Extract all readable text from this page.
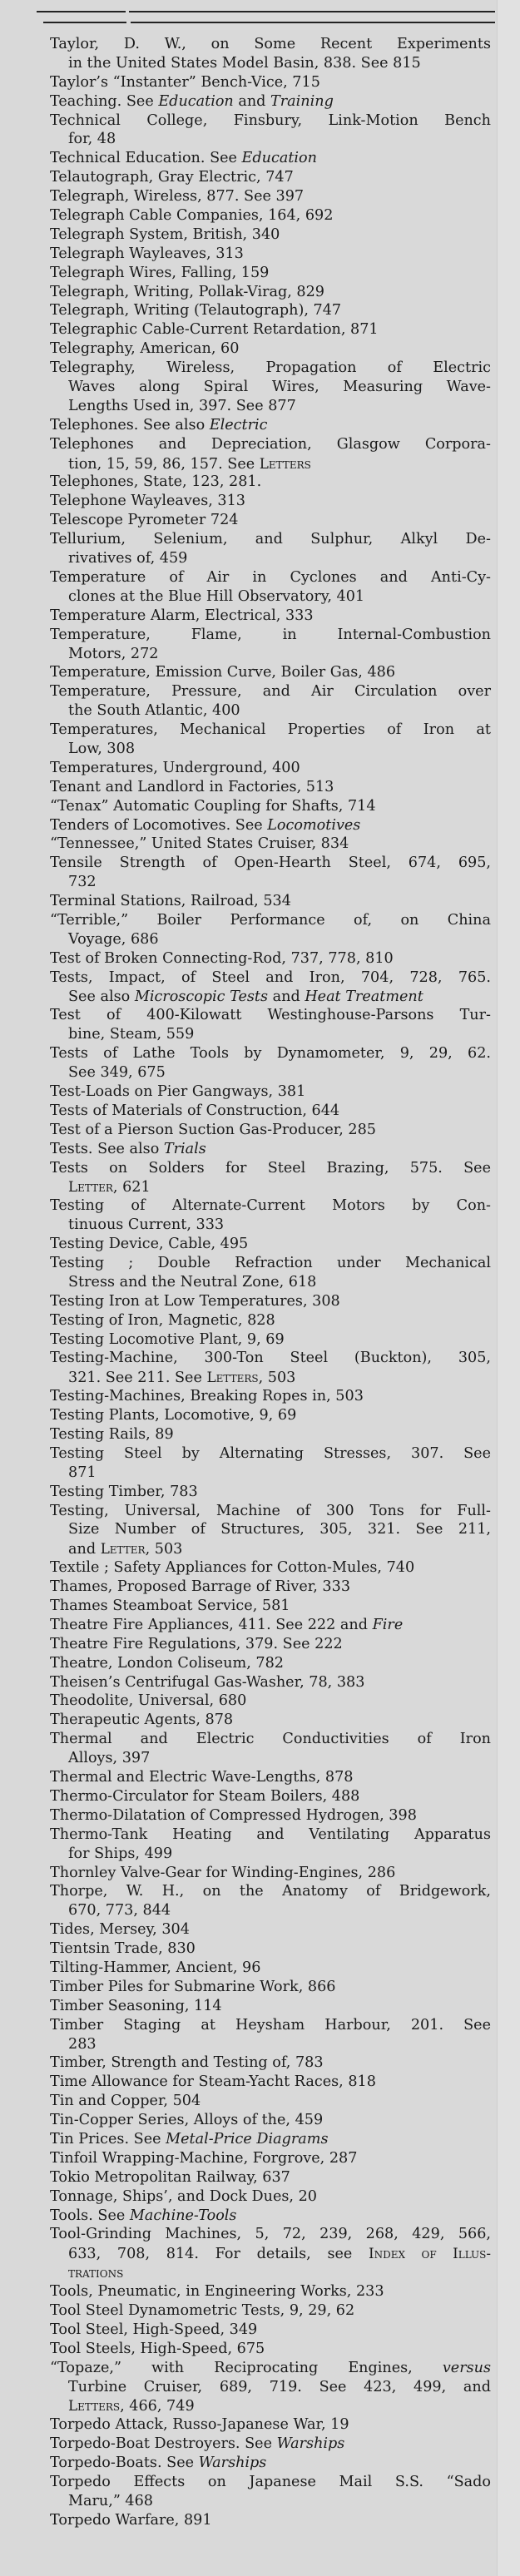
Taylor, D. W., on Some Recent Experiments
in the United States Model Basin, 838. See 815
Taylor’s “Instanter” Bench-Vice, 715
Teaching. See Education and Training
Technical College, Finsbury, Link-Motion Bench
for, 48
Technical Education. See Education
Telautograph, Gray Electric, 747
Telegraph, Wireless, 877. See 397
Telegraph Cable Companies, 164, 692
Telegraph System, British, 340
Telegraph Wayleaves, 313
Telegraph Wires, Falling, 159
Telegraph, Writing, Pollak-Virag, 829
Telegraph, Writing (Telautograph), 747
Telegraphic Cable-Current Retardation, 871
Telegraphy, American, 60
Telegraphy, Wireless, Propagation of Electric
Waves along Spiral Wires, Measuring Wave-
Lengths Used in, 397. See 877
Telephones. See also Electric
Telephones and Depreciation, Glasgow Corpora-
tion, 15, 59, 86, 157. See Letters
Telephones, State, 123, 281.
Telephone Wayleaves, 313
Telescope Pyrometer 724
Tellurium, Selenium, and Sulphur, Alkyl De-
rivatives of, 459
Temperature of Air in Cyclones and Anti-Cy-
clones at the Blue Hill Observatory, 401
Temperature Alarm, Electrical, 333
Temperature, Flame, in Internal-Combustion
Motors, 272
Temperature, Emission Curve, Boiler Gas, 486
Temperature, Pressure, and Air Circulation over
the South Atlantic, 400
Temperatures, Mechanical Properties of Iron at
Low, 308
Temperatures, Underground, 400
Tenant and Landlord in Factories, 513
“Tenax” Automatic Coupling for Shafts, 714
Tenders of Locomotives. See Locomotives
“Tennessee,” United States Cruiser, 834
Tensile Strength of Open-Hearth Steel, 674, 695,
732
Terminal Stations, Railroad, 534
“Terrible,” Boiler Performance of, on China
Voyage, 686
Test of Broken Connecting-Rod, 737, 778, 810
Tests, Impact, of Steel and Iron, 704, 728, 765.
See also Microscopic Tests and Heat Treatment
Test of 400-Kilowatt Westinghouse-Parsons Tur-
bine, Steam, 559
Tests of Lathe Tools by Dynamometer, 9, 29, 62.
See 349, 675
Test-Loads on Pier Gangways, 381
Tests of Materials of Construction, 644
Test of a Pierson Suction Gas-Producer, 285
Tests. See also Trials
Tests on Solders for Steel Brazing, 575. See
Letter, 621
Testing of Alternate-Current Motors by Con-
tinuous Current, 333
Testing Device, Cable, 495
Testing ; Double Refraction under Mechanical
Stress and the Neutral Zone, 618
Testing Iron at Low Temperatures, 308
Testing of Iron, Magnetic, 828
Testing Locomotive Plant, 9, 69
Testing-Machine, 300-Ton Steel (Buckton), 305,
321. See 211. See Letters, 503
Testing-Machines, Breaking Ropes in, 503
Testing Plants, Locomotive, 9, 69
Testing Rails, 89
Testing Steel by Alternating Stresses, 307. See
871
Testing Timber, 783
Testing, Universal, Machine of 300 Tons for Full-
Size Number of Structures, 305, 321. See 211,
and Letter, 503
Textile ; Safety Appliances for Cotton-Mules, 740
Thames, Proposed Barrage of River, 333
Thames Steamboat Service, 581
Theatre Fire Appliances, 411. See 222 and Fire
Theatre Fire Regulations, 379. See 222
Theatre, London Coliseum, 782
Theisen’s Centrifugal Gas-Washer, 78, 383
Theodolite, Universal, 680
Therapeutic Agents, 878
Thermal and Electric Conductivities of Iron
Alloys, 397
Thermal and Electric Wave-Lengths, 878
Thermo-Circulator for Steam Boilers, 488
Thermo-Dilatation of Compressed Hydrogen, 398
Thermo-Tank Heating and Ventilating Apparatus
for Ships, 499
Thornley Valve-Gear for Winding-Engines, 286
Thorpe, W. H., on the Anatomy of Bridgework,
670, 773, 844
Tides, Mersey, 304
Tientsin Trade, 830
Tilting-Hammer, Ancient, 96
Timber Piles for Submarine Work, 866
Timber Seasoning, 114
Timber Staging at Heysham Harbour, 201. See
283
Timber, Strength and Testing of, 783
Time Allowance for Steam-Yacht Races, 818
Tin and Copper, 504
Tin-Copper Series, Alloys of the, 459
Tin Prices. See Metal-Price Diagrams
Tinfoil Wrapping-Machine, Forgrove, 287
Tokio Metropolitan Railway, 637
Tonnage, Ships’, and Dock Dues, 20
Tools. See Machine-Tools
Tool-Grinding Machines, 5, 72, 239, 268, 429, 566,
633, 708, 814. For details, see Index of Illus-
trations
Tools, Pneumatic, in Engineering Works, 233
Tool Steel Dynamometric Tests, 9, 29, 62
Tool Steel, High-Speed, 349
Tool Steels, High-Speed, 675
“Topaze,” with Reciprocating Engines, versus
Turbine Cruiser, 689, 719. See 423, 499, and
Letters, 466, 749
Torpedo Attack, Russo-Japanese War, 19
Torpedo-Boat Destroyers. See Warships
Torpedo-Boats. See Warships
Torpedo Effects on Japanese Mail S.S. “Sado
Maru,” 468
Torpedo Warfare, 891
